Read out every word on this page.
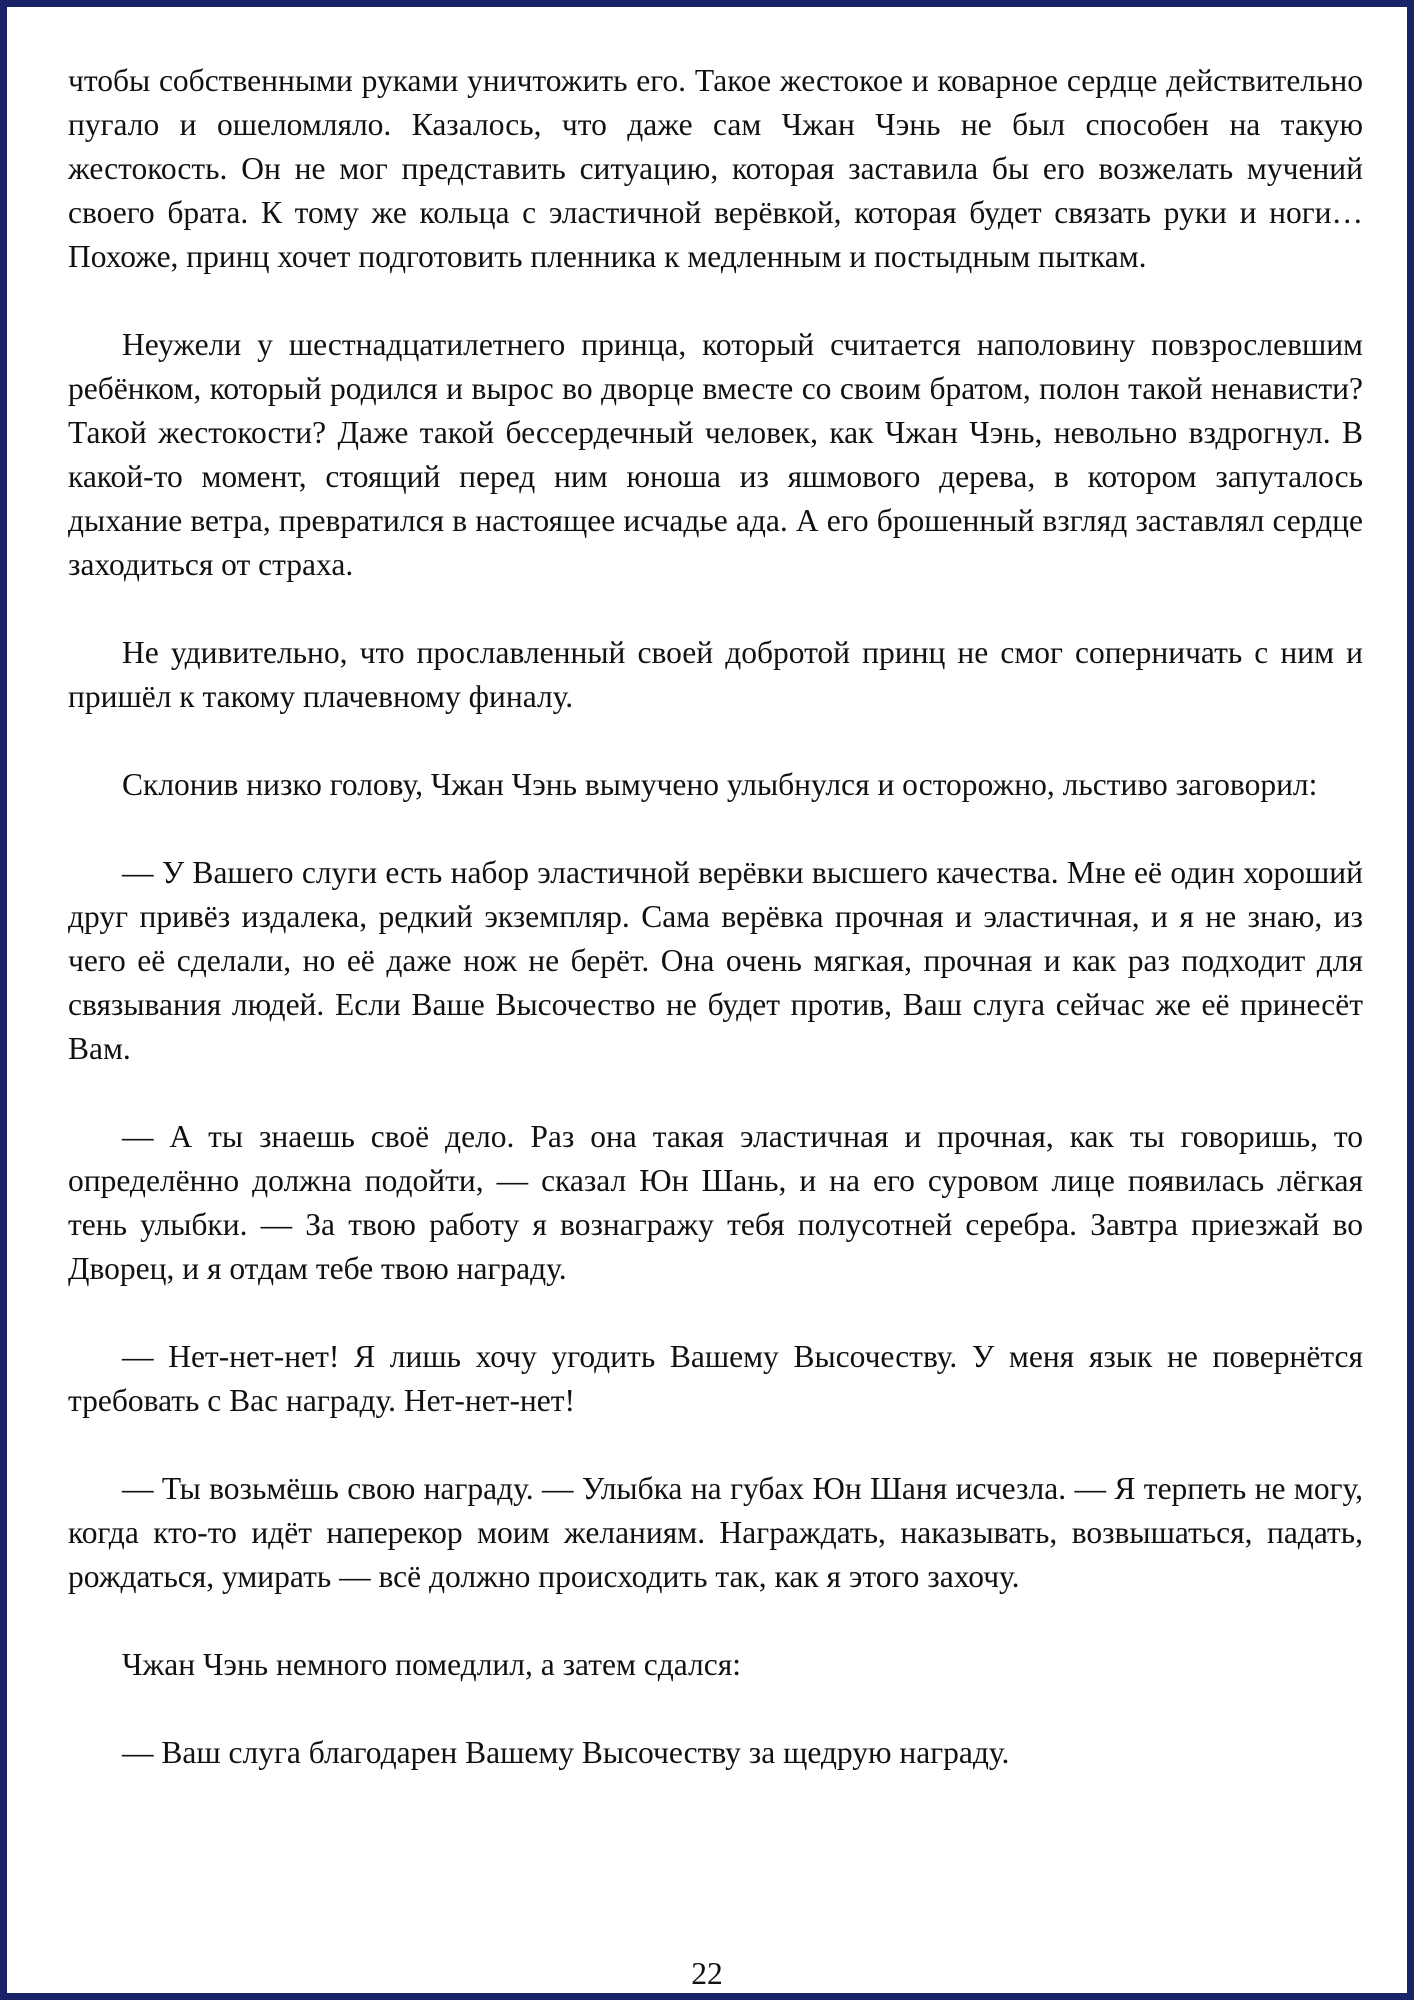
чтобы собственными руками уничтожить его. Такое жестокое и коварное сердце действительно пугало и ошеломляло. Казалось, что даже сам Чжан Чэнь не был способен на такую жестокость. Он не мог представить ситуацию, которая заставила бы его возжелать мучений своего брата. К тому же кольца с эластичной верёвкой, которая будет связать руки и ноги… Похоже, принц хочет подготовить пленника к медленным и постыдным пыткам.

Неужели у шестнадцатилетнего принца, который считается наполовину повзрослевшим ребёнком, который родился и вырос во дворце вместе со своим братом, полон такой ненависти? Такой жестокости? Даже такой бессердечный человек, как Чжан Чэнь, невольно вздрогнул. В какой-то момент, стоящий перед ним юноша из яшмового дерева, в котором запуталось дыхание ветра, превратился в настоящее исчадье ада. А его брошенный взгляд заставлял сердце заходиться от страха.

Не удивительно, что прославленный своей добротой принц не смог соперничать с ним и пришёл к такому плачевному финалу.

Склонив низко голову, Чжан Чэнь вымучено улыбнулся и осторожно, льстиво заговорил:

— У Вашего слуги есть набор эластичной верёвки высшего качества. Мне её один хороший друг привёз издалека, редкий экземпляр. Сама верёвка прочная и эластичная, и я не знаю, из чего её сделали, но её даже нож не берёт. Она очень мягкая, прочная и как раз подходит для связывания людей. Если Ваше Высочество не будет против, Ваш слуга сейчас же её принесёт Вам.

— А ты знаешь своё дело. Раз она такая эластичная и прочная, как ты говоришь, то определённо должна подойти, — сказал Юн Шань, и на его суровом лице появилась лёгкая тень улыбки. — За твою работу я вознагражу тебя полусотней серебра. Завтра приезжай во Дворец, и я отдам тебе твою награду.

— Нет-нет-нет! Я лишь хочу угодить Вашему Высочеству. У меня язык не повернётся требовать с Вас награду. Нет-нет-нет!

— Ты возьмёшь свою награду. — Улыбка на губах Юн Шаня исчезла. — Я терпеть не могу, когда кто-то идёт наперекор моим желаниям. Награждать, наказывать, возвышаться, падать, рождаться, умирать — всё должно происходить так, как я этого захочу.

Чжан Чэнь немного помедлил, а затем сдался:

— Ваш слуга благодарен Вашему Высочеству за щедрую награду.

22
